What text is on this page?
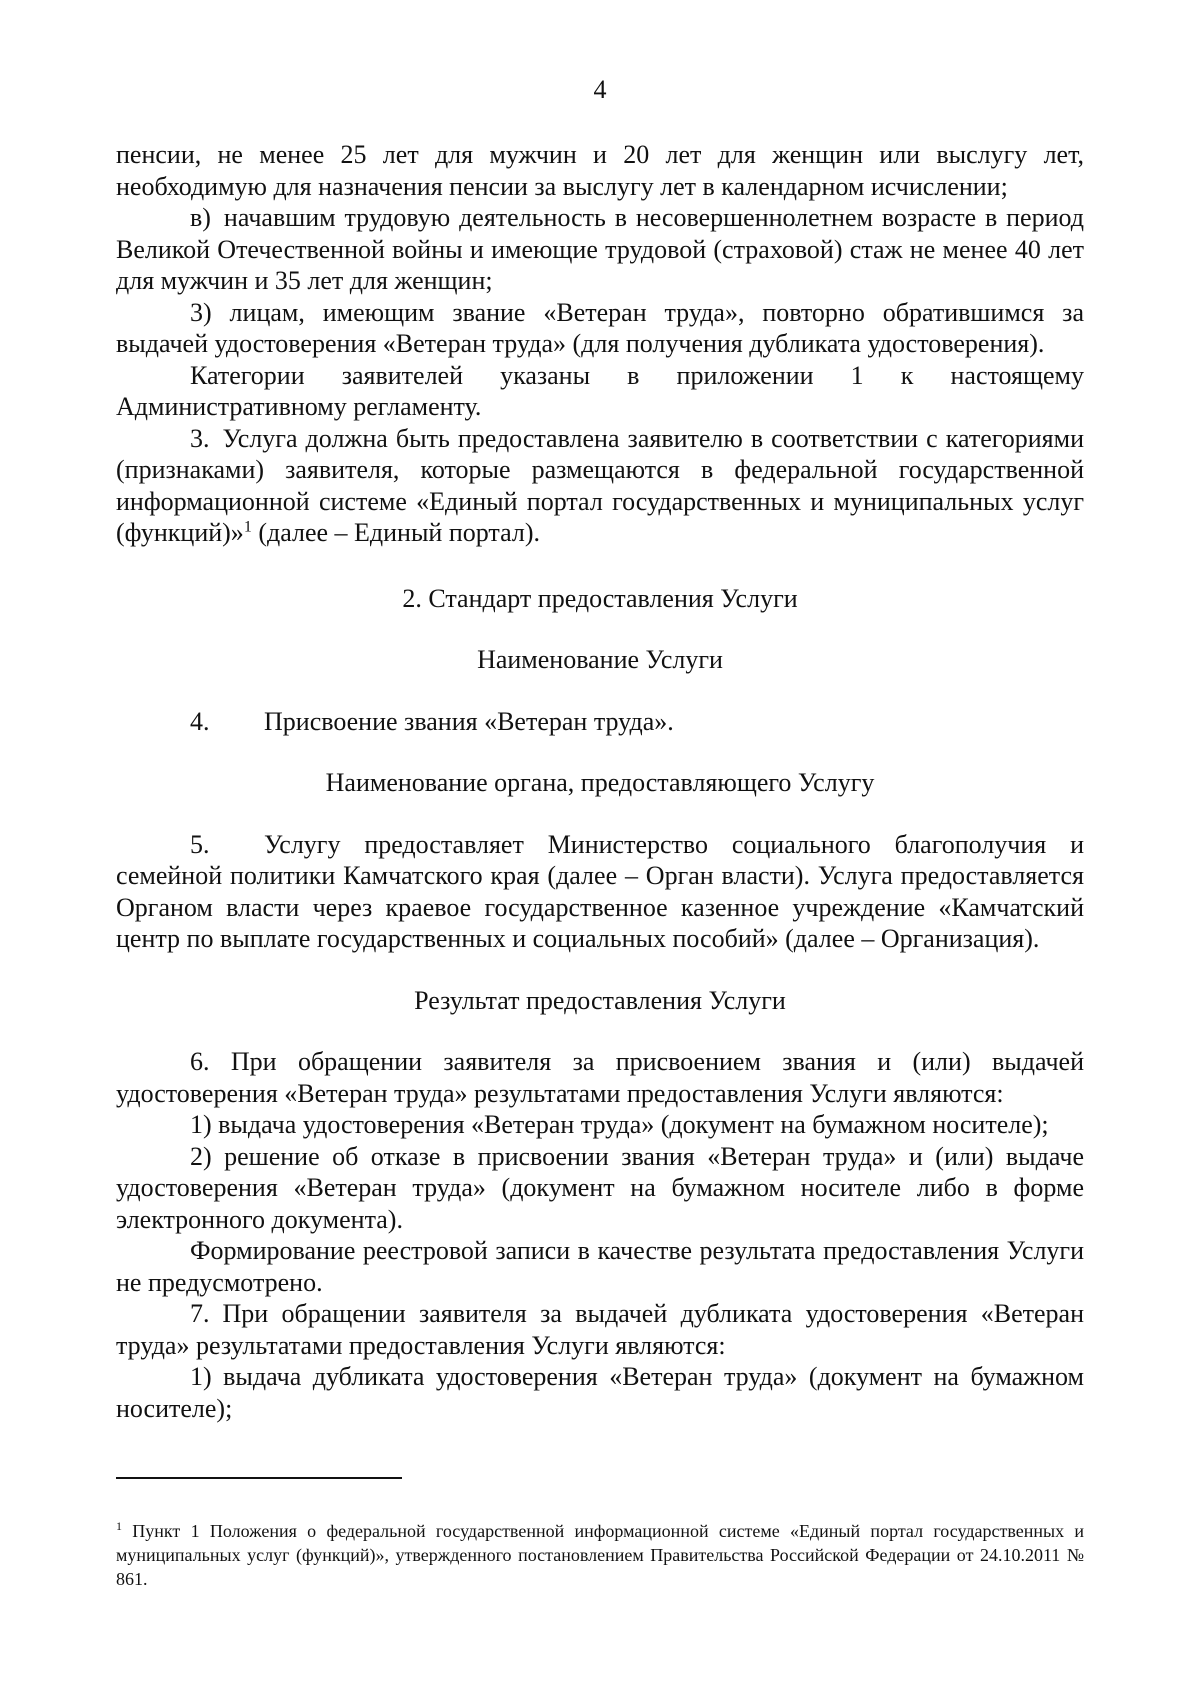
4

пенсии, не менее 25 лет для мужчин и 20 лет для женщин или выслугу лет,

необходимую для назначения пенсии за выслугу лет в календарном исчислении;

в) начавшим трудовую деятельность в несовершеннолетнем возрасте в период Великой Отечественной войны и имеющие трудовой (страховой) стаж не менее 40 лет для мужчин и 35 лет для женщин;

3) лицам, имеющим звание «Ветеран труда», повторно обратившимся за выдачей удостоверения «Ветеран труда» (для получения дубликата удостоверения).

Категории заявителей указаны в приложении 1 к настоящему Административному регламенту.

3. Услуга должна быть предоставлена заявителю в соответствии с категориями (признаками) заявителя, которые размещаются в федеральной государственной информационной системе «Единый портал государственных и муниципальных услуг (функций)»$^1$ (далее – Единый портал).

2. Стандарт предоставления Услуги

Наименование Услуги

4. Присвоение звания «Ветеран труда».

Наименование органа, предоставляющего Услугу

5. Услугу предоставляет Министерство социального благополучия и семейной политики Камчатского края (далее – Орган власти). Услуга предоставляется Органом власти через краевое государственное казенное учреждение «Камчатский центр по выплате государственных и социальных пособий» (далее – Организация).

Результат предоставления Услуги

6. При обращении заявителя за присвоением звания и (или) выдачей удостоверения «Ветеран труда» результатами предоставления Услуги являются:

1) выдача удостоверения «Ветеран труда» (документ на бумажном носителе);

2) решение об отказе в присвоении звания «Ветеран труда» и (или) выдаче удостоверения «Ветеран труда» (документ на бумажном носителе либо в форме электронного документа).

Формирование реестровой записи в качестве результата предоставления Услуги не предусмотрено.

7. При обращении заявителя за выдачей дубликата удостоверения «Ветеран труда» результатами предоставления Услуги являются:

1) выдача дубликата удостоверения «Ветеран труда» (документ на бумажном носителе);

$^1$ Пункт 1 Положения о федеральной государственной информационной системе «Единый портал государственных и муниципальных услуг (функций)», утвержденного постановлением Правительства Российской Федерации от 24.10.2011 № 861.
